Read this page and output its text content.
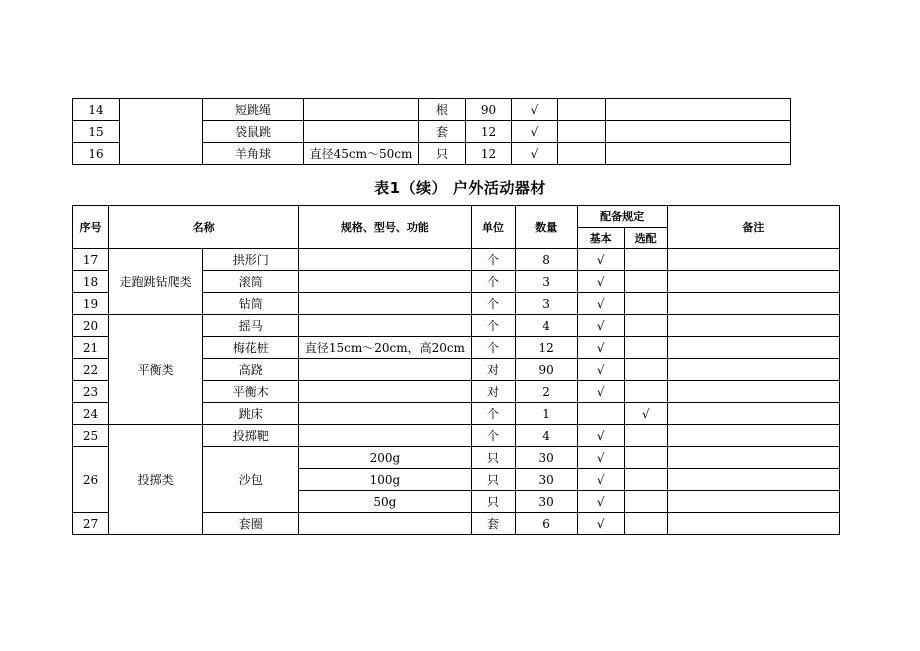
14		短跳绳		根	90	√		
15		袋鼠跳		套	12	√		
16		羊角球	直径45cm～50cm	只	12	√		
表1（续） 户外活动器材
序号	名称		规格、型号、功能	单位	数量	配备规定		备注
						基本	选配	
17	走跑跳钻爬类	拱形门		个	8	√		
18		滚筒		个	3	√		
19		钻筒		个	3	√		
20	平衡类	摇马		个	4	√		
21		梅花桩	直径15cm～20cm，高20cm	个	12	√		
22		高跷		对	90	√		
23		平衡木		对	2	√		
24		跳床		个	1		√	
25	投掷类	投掷靶		个	4	√		
26		沙包	200g	只	30	√		
			100g	只	30	√		
			50g	只	30	√		
27		套圈		套	6	√		
